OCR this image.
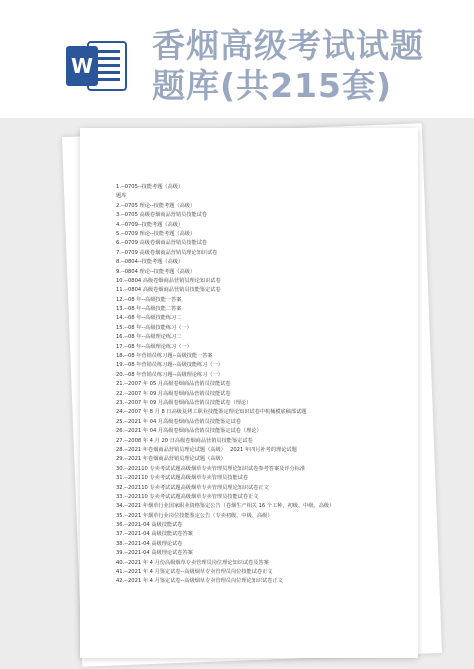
W
香烟高级考试试题
题库(共215套)
1.--0705--技能考题（高级）
题库
2.--0705 理论--技能考题（高级）
3.--0705 高级卷烟商品营销员技能试卷
4.--0709--技能考题（高级）
5.--0709 理论--技能考题（高级）
6.--0709 高级卷烟商品营销员技能试卷
7.--0709 高级卷烟商品营销员理论知识试卷
8.--0804--技能考题（高级）
9.--0804 理论--技能考题（高级）
10.--0804 高级卷烟商品营销员理论知识试卷
11.--0804 高级卷烟商品营销员技能鉴定试卷
12.--08 年--高级技能一答案
13.--08 年--高级技能二答案
14.--08 年--高级技能练习二
15.--08 年--高级技能练习（一）
16.--08 年--高级理论练习二
17.--08 年--高级理论练习（一）
18.--08 年营销员练习题--高级技能一答案
19.--08 年营销员练习题--高级技能练习（一）
20.--08 年营销员练习题--高级理论练习（一）
21.--2007 年 05 月高级卷烟商品营销员技能试卷
22.--2007 年 09 月高级卷烟商品营销员技能试卷
23.--2007 年 09 月高级卷烟商品营销员技能试卷（理论）
24.--2007 年 8 月 8 日高级复烤工职业技能鉴定理论知识试卷中机械模底稿部试题
25.--2021 年 04 月高级卷烟商品营销员技能鉴定试卷
26.--2021 年 04 月高级卷烟商品营销员技能鉴定试卷（理论）
27.--2008 年 4 月 20 日高级卷烟商品营销员技能鉴定试卷
28.--2021 年卷烟商品营销员理论试题（高级）　 2021 年四月补考的理论试题
29.--2021 年卷烟商品营销员理论试题（高级）
30.--202110 专卖考试试题高级烟草专卖管理员理论知识试卷参考答案及评分标准
31.--202110 专卖考试试题高级烟草专卖管理员技能试卷
32.--202110 专卖考试试题高级烟草专卖管理员理论知识试卷正文
33.--202110 专卖考试试题高级烟草专卖管理员技能试卷正文
34.--2021 年烟草行业国家职业资格鉴定公告（卷烟生产相关 16 个工种，初级、中级、高级）
35.--2021 年烟草行业岗位技能鉴定公告（专卖初级、中级、高级）
36.--2021-04 高级技能试卷
37.--2021-04 高级技能试卷答案
38.--2021-04 高级理论试卷
39.--2021-04 高级理论试卷答案
40.--2021 年 4 月份高级烟草专卖管理员岗位理论知识试卷及答案
41.--2021 年 4 月鉴定试卷--高级烟草专卖管理员岗位技能试卷正文
42.--2021 年 4 月鉴定试卷--高级烟草专卖管理员岗位理论知识试卷正文
